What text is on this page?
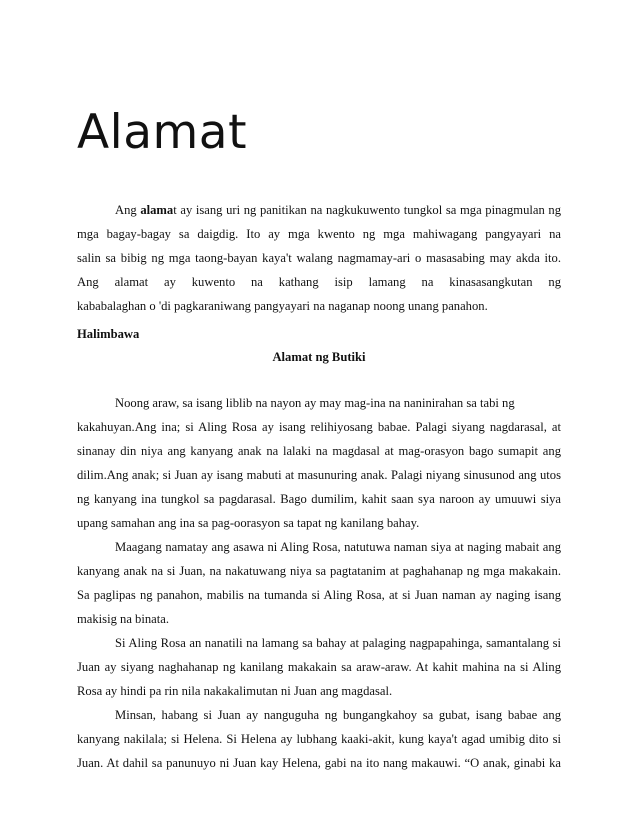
Alamat
Ang alamat ay isang uri ng panitikan na nagkukuwento tungkol sa mga pinagmulan ng
mga bagay-bagay sa daigdig. Ito ay mga kwento ng mga mahiwagang pangyayari na
salin sa bibig ng mga taong-bayan kaya't walang nagmamay-ari o masasabing may akda ito.
Ang alamat ay kuwento na kathang isip lamang na kinasasangkutan ng
kababalaghan o 'di pagkaraniwang pangyayari na naganap noong unang panahon.
Halimbawa
Alamat ng Butiki
Noong araw, sa isang liblib na nayon ay may mag-ina na naninirahan sa tabi ng
kakahuyan.Ang ina; si Aling Rosa ay isang relihiyosang babae. Palagi siyang nagdarasal, at
sinanay din niya ang kanyang anak na lalaki na magdasal at mag-orasyon bago sumapit ang
dilim.Ang anak; si Juan ay isang mabuti at masunuring anak. Palagi niyang sinusunod ang utos
ng kanyang ina tungkol sa pagdarasal. Bago dumilim, kahit saan sya naroon ay umuuwi siya
upang samahan ang ina sa pag-oorasyon sa tapat ng kanilang bahay.
Maagang namatay ang asawa ni Aling Rosa, natutuwa naman siya at naging mabait ang
kanyang anak na si Juan, na nakatuwang niya sa pagtatanim at paghahanap ng mga makakain.
Sa paglipas ng panahon, mabilis na tumanda si Aling Rosa, at si Juan naman ay naging isang
makisig na binata.
Si Aling Rosa an nanatili na lamang sa bahay at palaging nagpapahinga, samantalang si
Juan ay siyang naghahanap ng kanilang makakain sa araw-araw. At kahit mahina na si Aling
Rosa ay hindi pa rin nila nakakalimutan ni Juan ang magdasal.
Minsan, habang si Juan ay nanguguha ng bungangkahoy sa gubat, isang babae ang
kanyang nakilala; si Helena. Si Helena ay lubhang kaaki-akit, kung kaya't agad umibig dito si
Juan. At dahil sa panunuyo ni Juan kay Helena, gabi na ito nang makauwi. “O anak, ginabi ka
